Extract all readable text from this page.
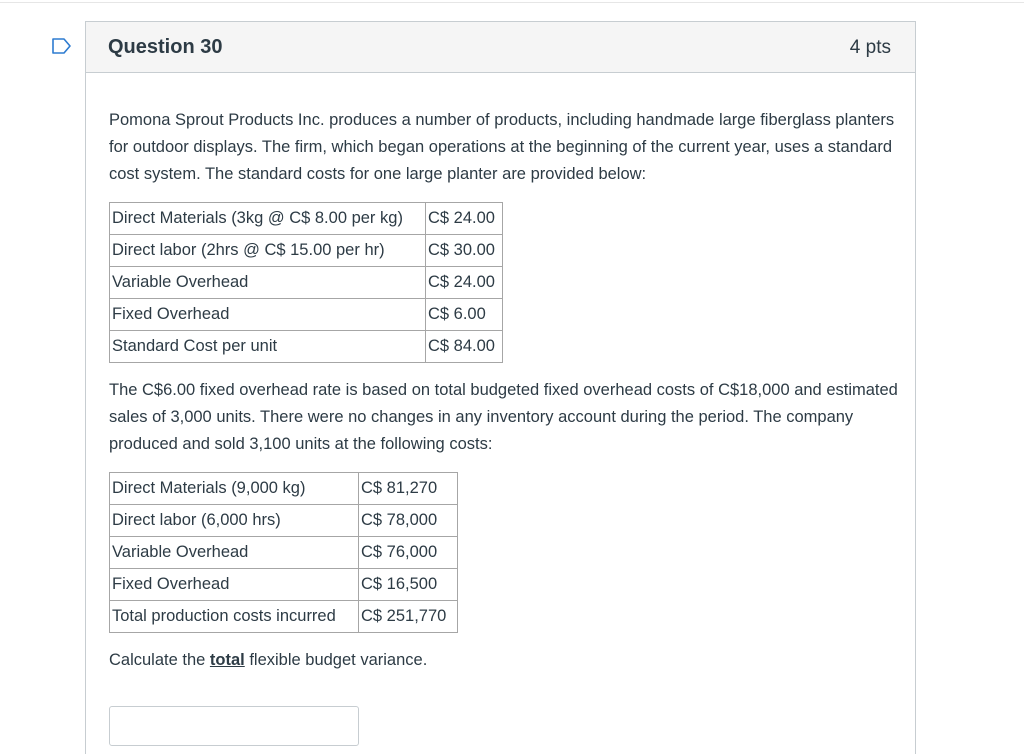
Question 30	4 pts

Pomona Sprout Products Inc. produces a number of products, including handmade large fiberglass planters for outdoor displays. The firm, which began operations at the beginning of the current year, uses a standard cost system. The standard costs for one large planter are provided below:

Direct Materials (3kg @ C$ 8.00 per kg)	C$ 24.00
Direct labor (2hrs @ C$ 15.00 per hr)	C$ 30.00
Variable Overhead	C$ 24.00
Fixed Overhead	C$ 6.00
Standard Cost per unit	C$ 84.00

The C$6.00 fixed overhead rate is based on total budgeted fixed overhead costs of C$18,000 and estimated sales of 3,000 units. There were no changes in any inventory account during the period. The company produced and sold 3,100 units at the following costs:

Direct Materials (9,000 kg)	C$ 81,270
Direct labor (6,000 hrs)	C$ 78,000
Variable Overhead	C$ 76,000
Fixed Overhead	C$ 16,500
Total production costs incurred	C$ 251,770

Calculate the total flexible budget variance.
